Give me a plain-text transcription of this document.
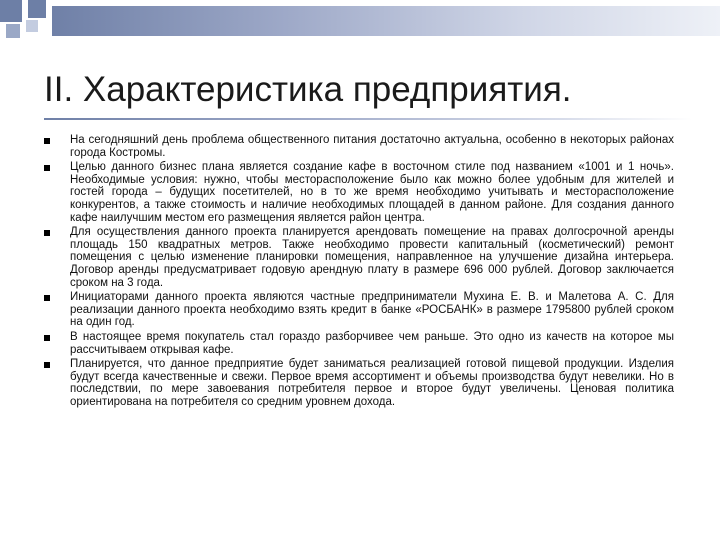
II. Характеристика предприятия.
На сегодняшний день проблема общественного питания достаточно актуальна, особенно в некоторых районах города Костромы.
Целью данного бизнес плана является создание кафе в восточном стиле под названием «1001 и 1 ночь». Необходимые условия: нужно, чтобы месторасположение было как можно более удобным для жителей и гостей города – будущих посетителей, но в то же время необходимо учитывать и месторасположение конкурентов, а также стоимость и наличие необходимых площадей в данном районе. Для создания данного кафе наилучшим местом его размещения является район центра.
Для осуществления данного проекта планируется арендовать помещение на правах долгосрочной аренды площадь 150 квадратных метров. Также необходимо провести капитальный (косметический) ремонт помещения с целью изменение планировки помещения, направленное на улучшение дизайна интерьера. Договор аренды предусматривает годовую арендную плату в размере 696 000 рублей. Договор заключается сроком на 3 года.
Инициаторами данного проекта являются частные предприниматели Мухина Е. В. и Малетова А. С. Для реализации данного проекта необходимо взять кредит в банке «РОСБАНК» в размере 1795800 рублей сроком на один год.
В настоящее время покупатель стал гораздо разборчивее чем раньше. Это одно из качеств на которое мы рассчитываем открывая кафе.
Планируется, что данное предприятие будет заниматься реализацией готовой пищевой продукции. Изделия будут всегда качественные и свежи. Первое время ассортимент и объемы производства будут невелики. Но в последствии, по мере завоевания потребителя первое и второе будут увеличены. Ценовая политика ориентирована на потребителя со средним уровнем дохода.
